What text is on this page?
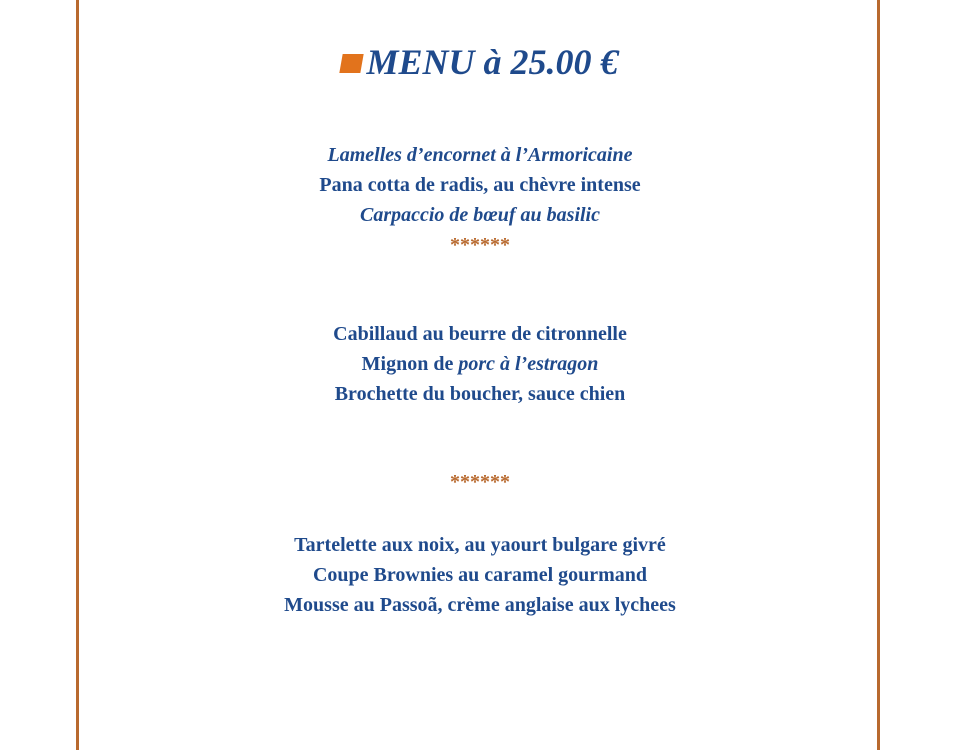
MENU à 25.00 €
Lamelles d’encornet à l’Armoricaine
Pana cotta de radis, au chèvre intense
Carpaccio de bœuf au basilic
******
Cabillaud au beurre de citronnelle
Mignon de porc à l’estragon
Brochette du boucher, sauce chien
******
Tartelette aux noix, au yaourt bulgare givré
Coupe Brownies au caramel gourmand
Mousse au Passoã, crème anglaise aux lychees
